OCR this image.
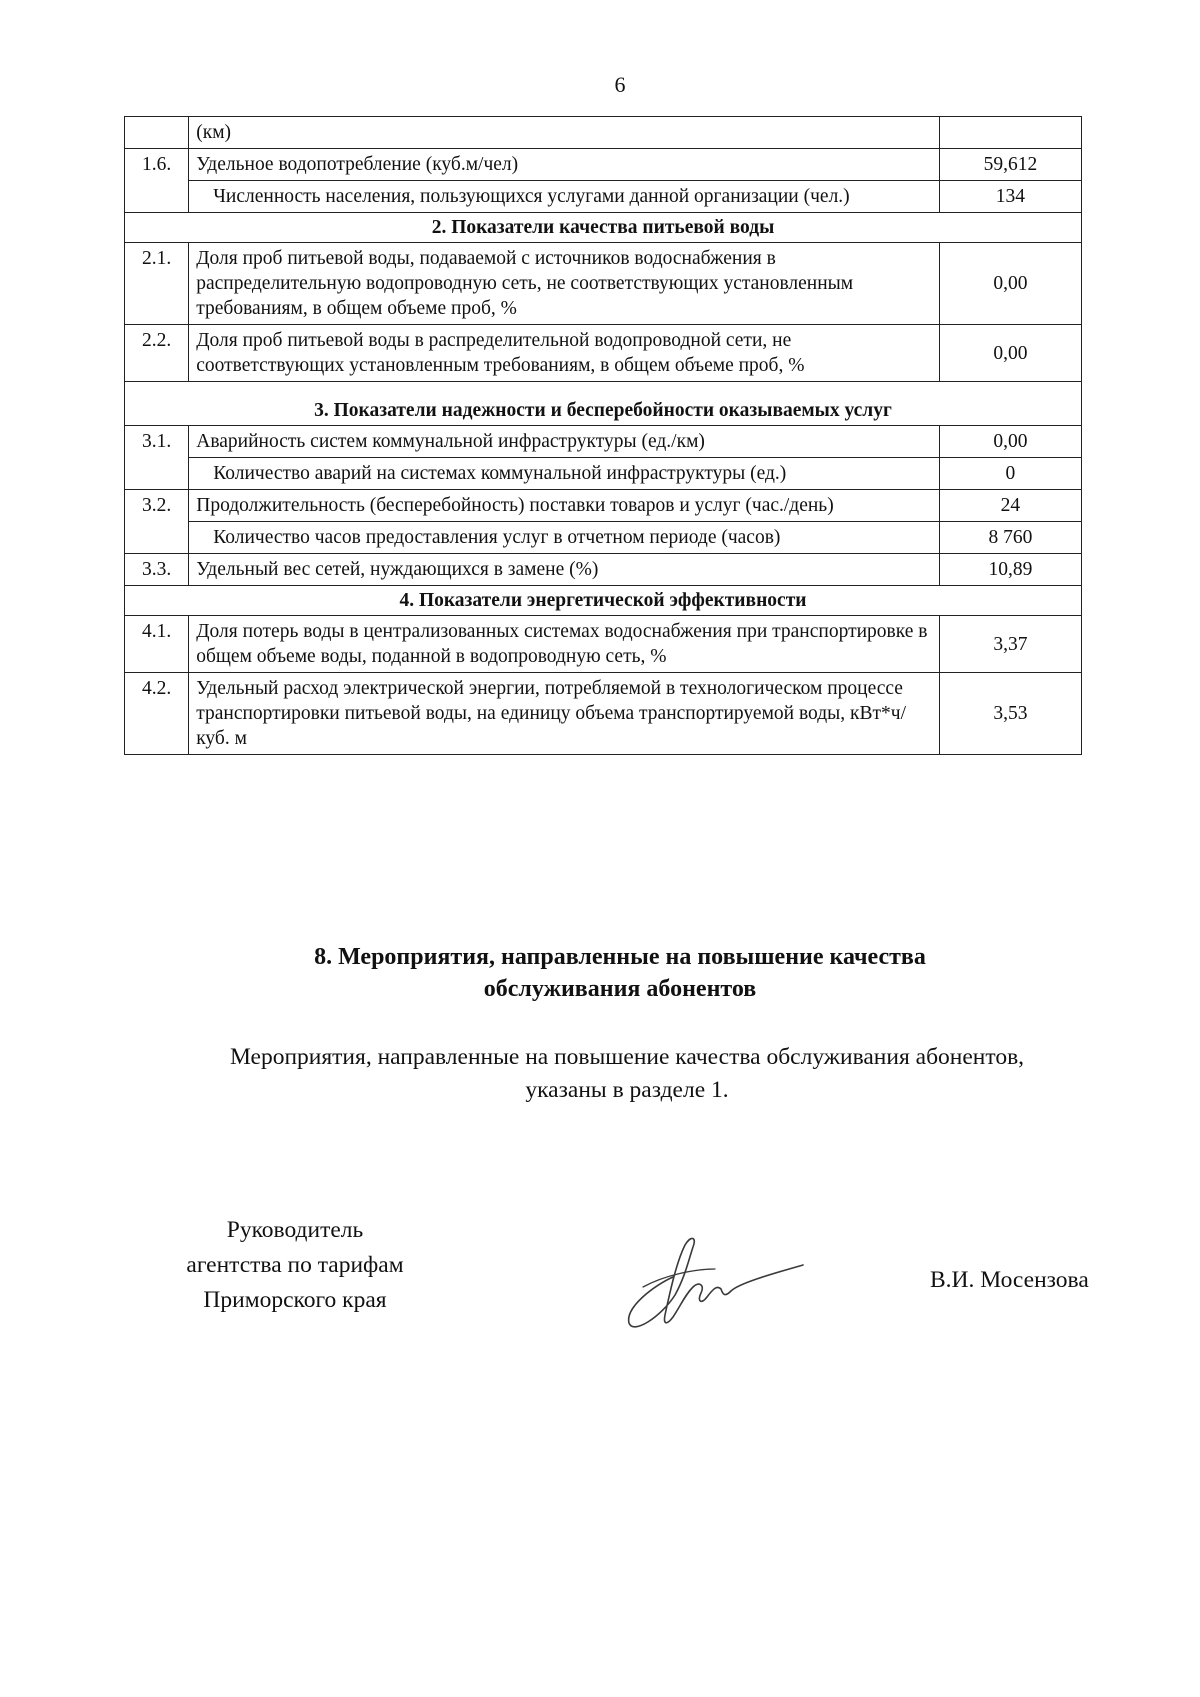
6
	(км)	
1.6.	Удельное водопотребление (куб.м/чел)	59,612
	Численность населения, пользующихся услугами данной организации (чел.)	134
2. Показатели качества питьевой воды		
2.1.	Доля проб питьевой воды, подаваемой с источников водоснабжения в распределительную водопроводную сеть, не соответствующих установленным требованиям, в общем объеме проб, %	0,00
2.2.	Доля проб питьевой воды в распределительной водопроводной сети, не соответствующих установленным требованиям, в общем объеме проб, %	0,00
3. Показатели надежности и бесперебойности оказываемых услуг		
3.1.	Аварийность систем коммунальной инфраструктуры (ед./км)	0,00
	Количество аварий на системах коммунальной инфраструктуры (ед.)	0
3.2.	Продолжительность (бесперебойность) поставки товаров и услуг (час./день)	24
	Количество часов предоставления услуг в отчетном периоде (часов)	8 760
3.3.	Удельный вес сетей, нуждающихся в замене (%)	10,89
4. Показатели энергетической эффективности		
4.1.	Доля потерь воды в централизованных системах водоснабжения при транспортировке в общем объеме воды, поданной в водопроводную сеть, %	3,37
4.2.	Удельный расход электрической энергии, потребляемой в технологическом процессе транспортировки питьевой воды, на единицу объема транспортируемой воды, кВт*ч/куб. м	3,53
8. Мероприятия, направленные на повышение качества
обслуживания абонентов
Мероприятия, направленные на повышение качества обслуживания абонентов,
указаны в разделе 1.
Руководитель
агентства по тарифам
Приморского края
В.И. Мосензова
